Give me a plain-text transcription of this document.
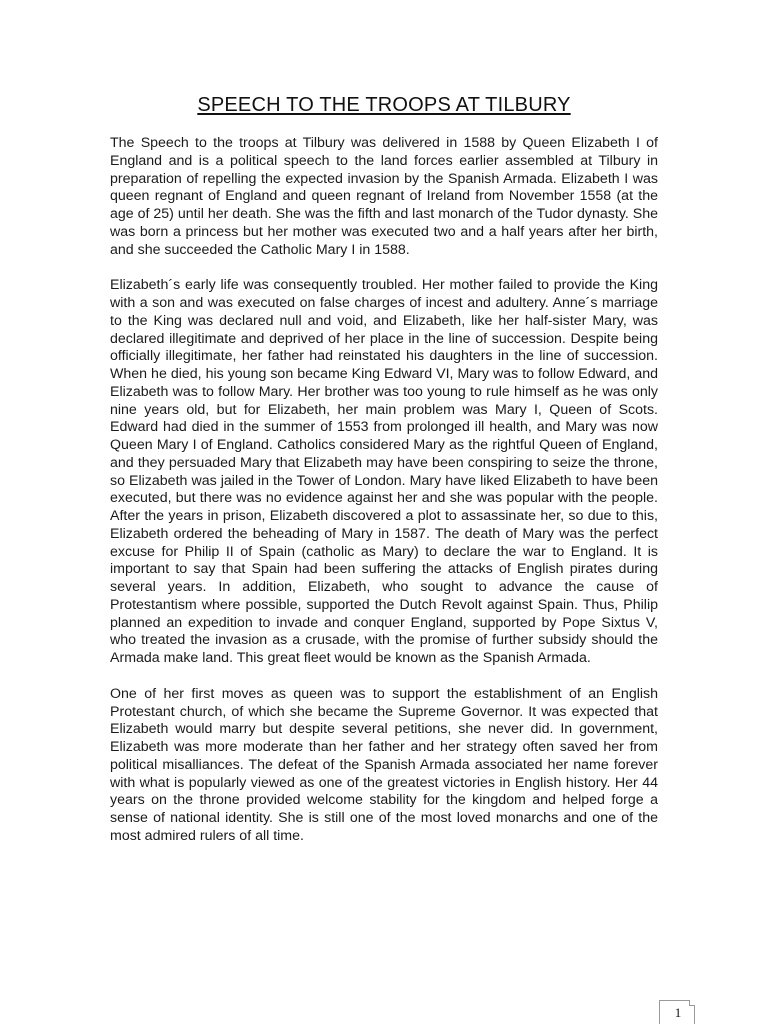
SPEECH TO THE TROOPS AT TILBURY

The Speech to the troops at Tilbury was delivered in 1588 by Queen Elizabeth I of England and is a political speech to the land forces earlier assembled at Tilbury in preparation of repelling the expected invasion by the Spanish Armada. Elizabeth I was queen regnant of England and queen regnant of Ireland from November 1558 (at the age of 25) until her death. She was the fifth and last monarch of the Tudor dynasty. She was born a princess but her mother was executed two and a half years after her birth, and she succeeded the Catholic Mary I in 1588.

Elizabeth´s early life was consequently troubled. Her mother failed to provide the King with a son and was executed on false charges of incest and adultery. Anne´s marriage to the King was declared null and void, and Elizabeth, like her half-sister Mary, was declared illegitimate and deprived of her place in the line of succession. Despite being officially illegitimate, her father had reinstated his daughters in the line of succession. When he died, his young son became King Edward VI, Mary was to follow Edward, and Elizabeth was to follow Mary. Her brother was too young to rule himself as he was only nine years old, but for Elizabeth, her main problem was Mary I, Queen of Scots. Edward had died in the summer of 1553 from prolonged ill health, and Mary was now Queen Mary I of England. Catholics considered Mary as the rightful Queen of England, and they persuaded Mary that Elizabeth may have been conspiring to seize the throne, so Elizabeth was jailed in the Tower of London. Mary have liked Elizabeth to have been executed, but there was no evidence against her and she was popular with the people. After the years in prison, Elizabeth discovered a plot to assassinate her, so due to this, Elizabeth ordered the beheading of Mary in 1587. The death of Mary was the perfect excuse for Philip II of Spain (catholic as Mary) to declare the war to England. It is important to say that Spain had been suffering the attacks of English pirates during several years. In addition, Elizabeth, who sought to advance the cause of Protestantism where possible, supported the Dutch Revolt against Spain. Thus, Philip planned an expedition to invade and conquer England, supported by Pope Sixtus V, who treated the invasion as a crusade, with the promise of further subsidy should the Armada make land. This great fleet would be known as the Spanish Armada.

One of her first moves as queen was to support the establishment of an English Protestant church, of which she became the Supreme Governor. It was expected that Elizabeth would marry but despite several petitions, she never did. In government, Elizabeth was more moderate than her father and her strategy often saved her from political misalliances. The defeat of the Spanish Armada associated her name forever with what is popularly viewed as one of the greatest victories in English history. Her 44 years on the throne provided welcome stability for the kingdom and helped forge a sense of national identity. She is still one of the most loved monarchs and one of the most admired rulers of all time.

1
